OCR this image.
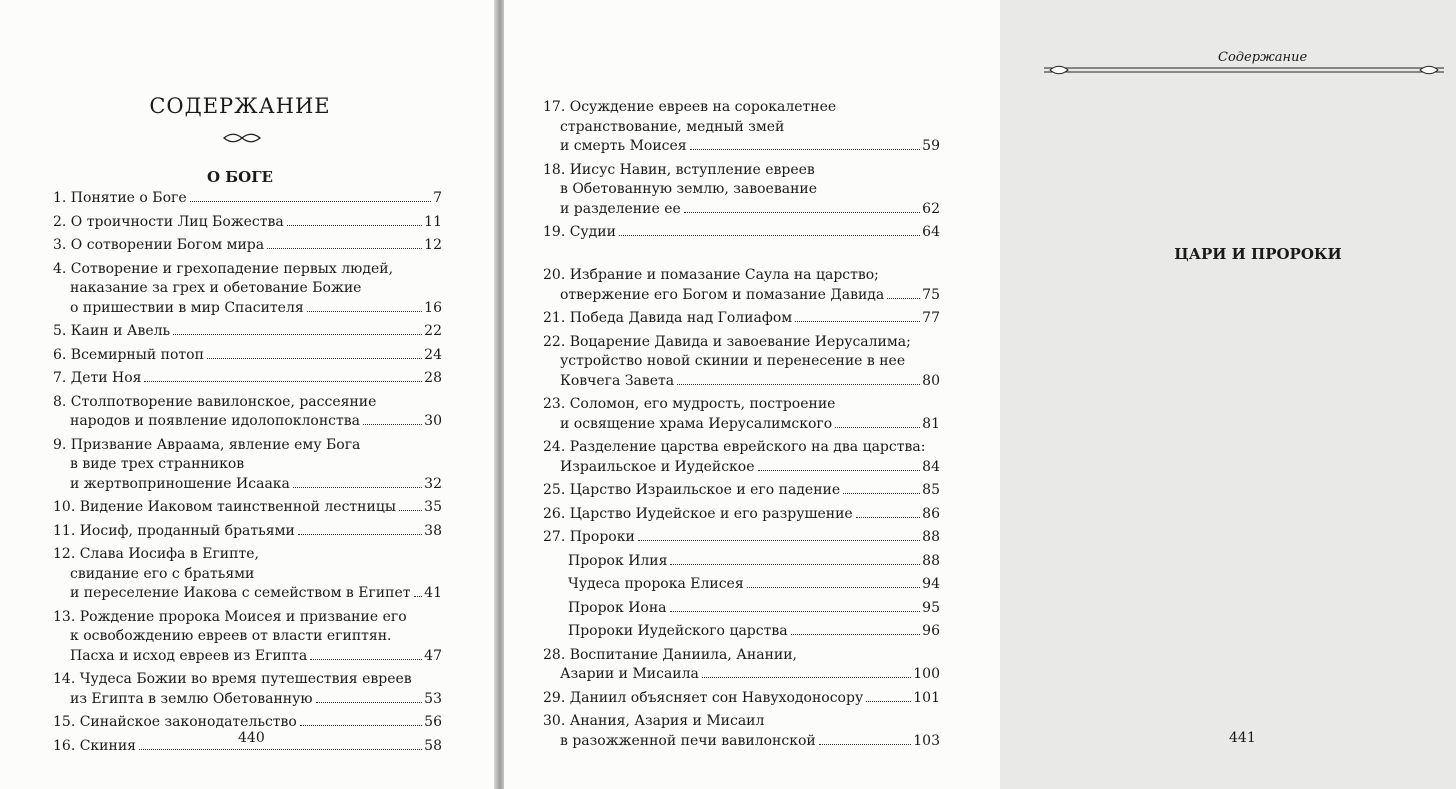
СОДЕРЖАНИЕ
О БОГЕ
1. Понятие о Боге	7
2. О троичности Лиц Божества	11
3. О сотворении Богом мира	12
4. Сотворение и грехопадение первых людей,
наказание за грех и обетование Божие
о пришествии в мир Спасителя	16
5. Каин и Авель	22
6. Всемирный потоп	24
7. Дети Ноя	28
8. Столпотворение вавилонское, рассеяние
народов и появление идолопоклонства	30
9. Призвание Авраама, явление ему Бога
в виде трех странников
и жертвоприношение Исаака	32
10. Видение Иаковом таинственной лестницы 35
11. Иосиф, проданный братьями	38
12. Слава Иосифа в Египте,
свидание его с братьями
и переселение Иакова с семейством в Египет 41
13. Рождение пророка Моисея и призвание его
к освобождению евреев от власти египтян.
Пасха и исход евреев из Египта	47
14. Чудеса Божии во время путешествия евреев
из Египта в землю Обетованную	53
15. Синайское законодательство	56
16. Скиния	58
440
Содержание
ЦАРИ И ПРОРОКИ
441
17. Осуждение евреев на сорокалетнее
странствование, медный змей
и смерть Моисея	59
18. Иисус Навин, вступление евреев
в Обетованную землю, завоевание
и разделение ее	62
19. Судии	64
20. Избрание и помазание Саула на царство;
отвержение его Богом и помазание Давида	75
21. Победа Давида над Голиафом	77
22. Воцарение Давида и завоевание Иерусалима;
устройство новой скинии и перенесение в нее
Ковчега Завета	80
23. Соломон, его мудрость, построение
и освящение храма Иерусалимского	81
24. Разделение царства еврейского на два царства:
Израильское и Иудейское	84
25. Царство Израильское и его падение	85
26. Царство Иудейское и его разрушение	86
27. Пророки	88
Пророк Илия	88
Чудеса пророка Елисея	94
Пророк Иона	95
Пророки Иудейского царства	96
28. Воспитание Даниила, Анании,
Азарии и Мисаила	100
29. Даниил объясняет сон Навуходоносору	101
30. Анания, Азария и Мисаил
в разожженной печи вавилонской	103
